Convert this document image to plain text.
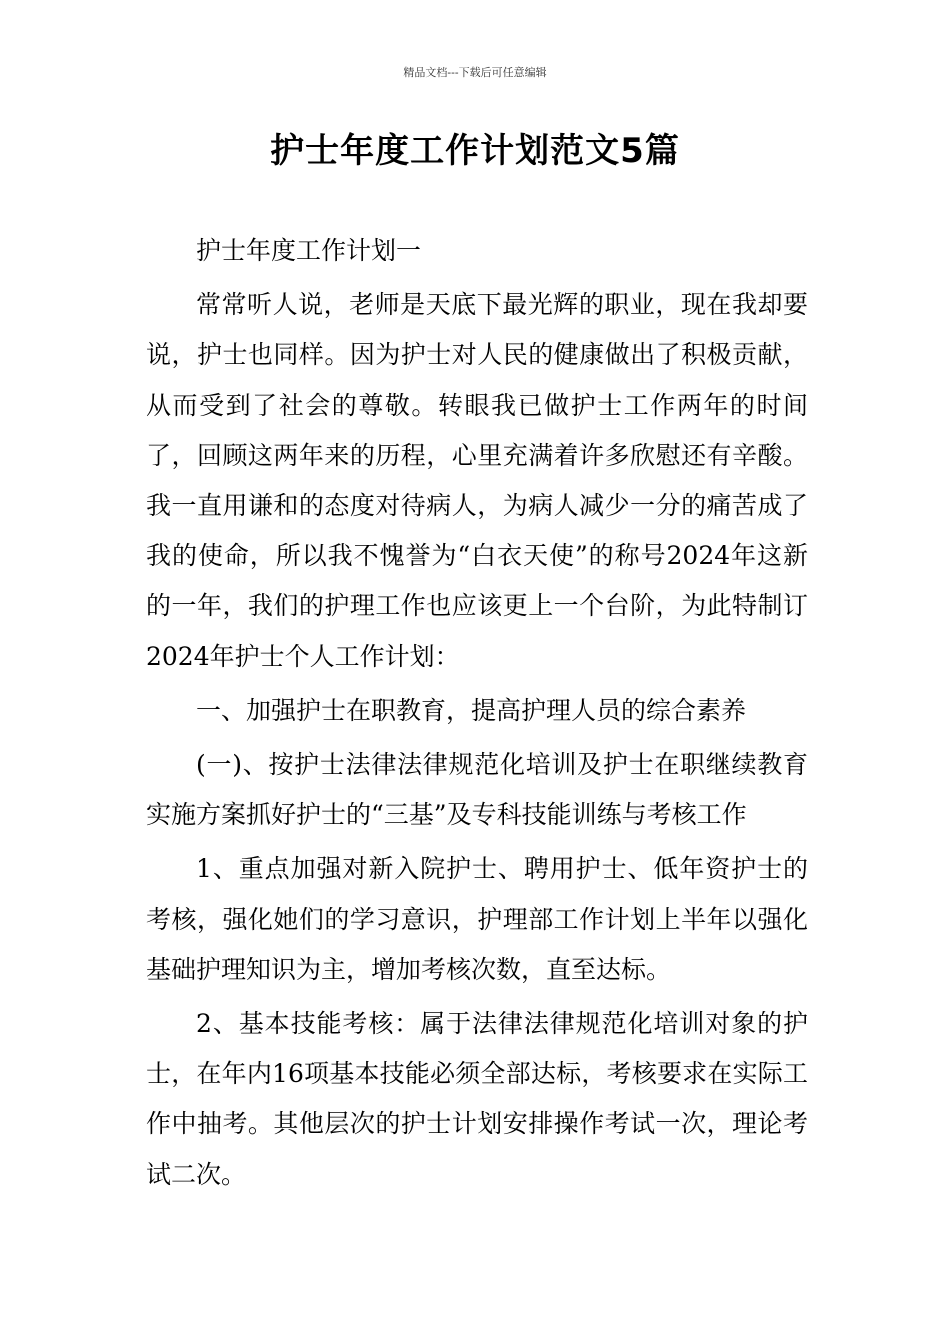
精品文档---下载后可任意编辑
护士年度工作计划范文5篇

护士年度工作计划一

常常听人说，老师是天底下最光辉的职业，现在我却要说，护士也同样。因为护士对人民的健康做出了积极贡献，从而受到了社会的尊敬。转眼我已做护士工作两年的时间了，回顾这两年来的历程，心里充满着许多欣慰还有辛酸。我一直用谦和的态度对待病人，为病人减少一分的痛苦成了我的使命，所以我不愧誉为“白衣天使”的称号2024年这新的一年，我们的护理工作也应该更上一个台阶，为此特制订2024年护士个人工作计划：

一、加强护士在职教育，提高护理人员的综合素养

(一)、按护士法律法律规范化培训及护士在职继续教育实施方案抓好护士的“三基”及专科技能训练与考核工作

1、重点加强对新入院护士、聘用护士、低年资护士的考核，强化她们的学习意识，护理部工作计划上半年以强化基础护理知识为主，增加考核次数，直至达标。

2、基本技能考核：属于法律法律规范化培训对象的护士，在年内16项基本技能必须全部达标，考核要求在实际工作中抽考。其他层次的护士计划安排操作考试一次，理论考试二次。
